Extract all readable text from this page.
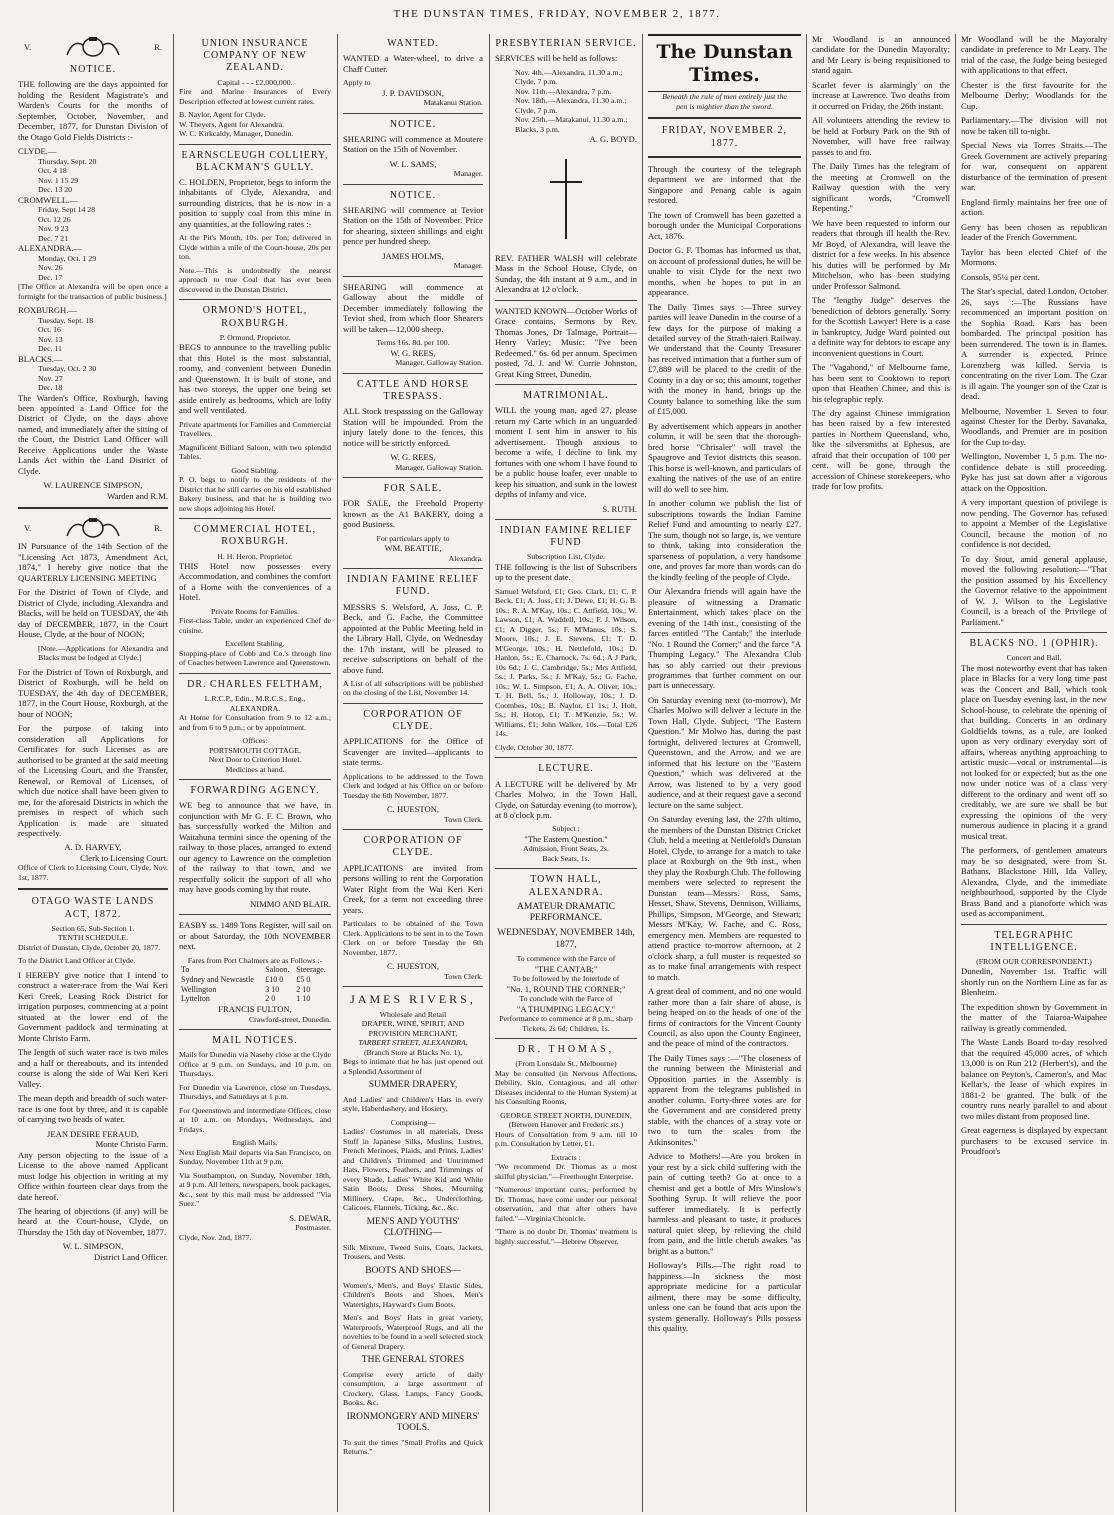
THE DUNSTAN TIMES, FRIDAY, NOVEMBER 2, 1877.
V.	R.
NOTICE.

THE following are the days appointed for holding the Resident Magistrate's and Warden's Courts for the months of September, October, November, and December, 1877, for Dunstan Division of the Otago Gold Fields Districts :-

CLYDE.—
Thursday, Sept. 20
Oct. 4 18
Nov. 1 15 29
Dec. 13 20
CROMWELL.—
Friday, Sept 14 28
Oct. 12 26
Nov. 9 23
Dec. 7 21
ALEXANDRA.—
Monday, Oct. 1 29
Nov. 26
Dec. 17

[The Office at Alexandra will be open once a fortnight for the transaction of public business.]

ROXBURGH.—
Tuesday, Sept. 18
Oct. 16
Nov. 13
Dec. 11
BLACKS.—
Tuesday, Oct. 2 30
Nov. 27
Dec. 18

The Warden's Office, Roxburgh, having been appointed a Land Office for the District of Clyde, on the days above named, and immediately after the sitting of the Court, the District Land Officer will Receive Applications under the Waste Lands Act within the Land District of Clyde.

W. LAURENCE SIMPSON,
Warden and R.M.
V.	R.

IN Pursuance of the 14th Section of the "Licensing Act 1873, Amendment Act, 1874," I hereby give notice that the QUARTERLY LICENSING MEETING

For the District of Town of Clyde, and District of Clyde, including Alexandra and Blacks, will be held on TUESDAY, the 4th day of DECEMBER, 1877, in the Court House, Clyde, at the hour of NOON;

[Note.—Applications for Alexandra and Blacks must be lodged at Clyde.]

For the District of Town of Roxburgh, and District of Roxburgh, will be held on TUESDAY, the 4th day of DECEMBER, 1877, in the Court House, Roxburgh, at the hour of NOON;

For the purpose of taking into consideration all Applications for Certificates for such Licenses as are authorised to be granted at the said meeting of the Licensing Court, and the Transfer, Renewal, or Removal of Licenses, of which due notice shall have been given to me, for the aforesaid Districts in which the premises in respect of which such Application is made are situated respectively.

A. D. HARVEY,
Clerk to Licensing Court.

Office of Clerk to Licensing Court, Clyde, Nov. 1st, 1877.

OTAGO WASTE LANDS ACT, 1872.
Section 65, Sub-Section 1.
TENTH SCHEDULE.

District of Dunstan, Clyde, October 20, 1877.

To the District Land Officer at Clyde.

I HEREBY give notice that I intend to construct a water-race from the Wai Keri Keri Creek, Leasing Rock District for irrigation purposes, commencing at a point situated at the lower end of the Government paddock and terminating at Monte Christo Farm.

The length of such water race is two miles and a half or thereabouts, and its intended course is along the side of Wai Keri Keri Valley.

The mean depth and breadth of such water-race is one foot by three, and it is capable of carrying two heads of water.

JEAN DESIRE FERAUD,
Monte Christo Farm.

Any person objecting to the issue of a License to the above named Applicant must lodge his objection in writing at my Office within fourteen clear days from the date hereof.

The hearing of objections (if any) will be heard at the Court-house, Clyde, on Thursday the 15th day of November, 1877.

W. L. SIMPSON,
District Land Officer.
UNION INSURANCE COMPANY OF NEW ZEALAND.
Capital - - - £2,000,000.

Fire and Marine Insurances of Every Description effected at lowest current rates.

B. Naylor, Agent for Clyde.
W. Theyers, Agent for Alexandra.
W. C. Kirkcaldy, Manager, Dunedin.
EARNSCLEUGH COLLIERY, BLACKMAN'S GULLY.

C. HOLDEN, Proprietor, begs to inform the inhabitants of Clyde, Alexandra, and surrounding districts, that he is now in a position to supply coal from this mine in any quantities, at the following rates :-

At the Pit's Mouth, 10s. per Ton; delivered in Clyde within a mile of the Court-house, 20s per ton.

Note.—This is undoubtedly the nearest approach to true Coal that has ever been discovered in the Dunstan District.

ORMOND'S HOTEL, ROXBURGH.
P. Ormond, Proprietor.

BEGS to announce to the travelling public that this Hotel is the most substantial, roomy, and convenient between Dunedin and Queenstown. It is built of stone, and has two storeys, the upper one being set aside entirely as bedrooms, which are lofty and well ventilated.

Private apartments for Families and Commercial Travellers.

Magnificent Billiard Saloon, with two splendid Tables.

Good Stabling.

P. O. begs to notify to the residents of the District that he still carries on his old established Bakery business, and that he is building two new shops adjoining his Hotel.

COMMERCIAL HOTEL, ROXBURGH.
H. H. Heron, Proprietor.

THIS Hotel now possesses every Accommodation, and combines the comfort of a Home with the conveniences of a Hotel.

Private Rooms for Families.

First-class Table, under an experienced Chef de cuisine.

Excellent Stabling.

Stopping-place of Cobb and Co.'s through line of Coaches between Lawrence and Queenstown.

DR. CHARLES FELTHAM,
L.R.C.P., Edin., M.R.C.S., Eng.,
ALEXANDRA.

At Home for Consultation from 9 to 12 a.m.; and from 6 to 9 p.m.; or by appointment.

Offices:
PORTSMOUTH COTTAGE,
Next Door to Criterion Hotel.
Medicines at hand.
FORWARDING AGENCY.

WE beg to announce that we have, in conjunction with Mr G. F. C. Brown, who has successfully worked the Milton and Waitahuna termini since the opening of the railway to those places, arranged to extend our agency to Lawrence on the completion of the railway to that town, and we respectfully solicit the support of all who may have goods coming by that route.

NIMMO AND BLAIR.

EASBY ss. 1489 Tons Register, will sail on or about Saturday, the 10th NOVEMBER next.

Fares from Port Chalmers are as Follows :-
To	Saloon.	Steerage.
Sydney and Newcastle	£10 0	£5 0
Wellington	3 10	2 10
Lyttelton	2 0	1 10
FRANCIS FULTON,
Crawford-street, Dunedin.
MAIL NOTICES.

Mails for Dunedin via Naseby close at the Clyde Office at 9 p.m. on Sundays, and 10 p.m. on Thursdays.

For Dunedin via Lawrence, close on Tuesdays, Thursdays, and Saturdays at 1 p.m.

For Queenstown and intermediate Offices, close at 10 a.m. on Mondays, Wednesdays, and Fridays.

English Mails.

Next English Mail departs via San Francisco, on Sunday, November 11th at 9 p.m.

Via Southampton, on Sunday, November 18th, at 9 p.m. All letters, newspapers, book packages, &c., sent by this mail must be addressed "Via Suez."

S. DEWAR,
Postmaster.
Clyde, Nov. 2nd, 1877.
WANTED.

WANTED a Water-wheel, to drive a Chaff Cutter.

Apply to
J. P. DAVIDSON,
Matakanui Station.
NOTICE.

SHEARING will commence at Moutere Station on the 15th of November.

W. L. SAMS,
Manager.
NOTICE.

SHEARING will commence at Teviot Station on the 15th of November. Price for shearing, sixteen shillings and eight pence per hundred sheep.

JAMES HOLMS,
Manager.

SHEARING will commence at Galloway about the middle of December immediately following the Teviot shed, from which floor Shearers will be taken—12,000 sheep.

Terms 16s. 8d. per 100.
W. G. REES,
Manager, Galloway Station.
CATTLE AND HORSE TRESPASS.

ALL Stock trespassing on the Galloway Station will be impounded. From the injury lately done to the fences, this notice will be strictly enforced.

W. G. REES,
Manager, Galloway Station.
FOR SALE.

FOR SALE, the Freehold Property known as the A1 BAKERY, doing a good Business.

For particulars apply to
WM. BEATTIE,
Alexandra.
INDIAN FAMINE RELIEF FUND.

MESSRS S. Welsford, A. Joss, C. P. Beck, and G. Fache, the Committee appointed at the Public Meeting held in the Library Hall, Clyde, on Wednesday the 17th instant, will be pleased to receive subscriptions on behalf of the above fund.

A List of all subscriptions will be published on the closing of the List, November 14.

CORPORATION OF CLYDE.

APPLICATIONS for the Office of Scavenger are invited—applicants to state terms.

Applications to be addressed to the Town Clerk and lodged at his Office on or before Tuesday the 6th November, 1877.

C. HUESTON,
Town Clerk.
CORPORATION OF CLYDE.

APPLICATIONS are invited from persons willing to rent the Corporation Water Right from the Wai Keri Keri Creek, for a term not exceeding three years.

Particulars to be obtained of the Town Clerk. Applications to be sent in to the Town Clerk on or before Tuesday the 6th November, 1877.

C. HUESTON,
Town Clerk.
JAMES RIVERS,
Wholesale and Retail
DRAPER, WINE, SPIRIT, AND PROVISION MERCHANT,
TARBERT STREET, ALEXANDRA,
(Branch Store at Blacks No. 1),

Begs to intimate that he has just opened out a Splendid Assortment of

SUMMER DRAPERY,

And Ladies' and Children's Hats in every style, Haberdashery, and Hosiery,

Comprising—

Ladies' Costumes in all materials, Dress Stuff in Japanese Silks, Muslins, Lustres, French Merinoes, Plaids, and Prints, Ladies' and Children's Trimmed and Untrimmed Hats, Flowers, Feathers, and Trimmings of every Shade, Ladies' White Kid and White Satin Boots, Dress Shoes, Mourning Millinery, Crape, &c., Underclothing, Calicoes, Flannels, Ticking, &c., &c.

MEN'S AND YOUTHS' CLOTHING—

Silk Mixture, Tweed Suits, Coats, Jackets, Trousers, and Vests.

BOOTS AND SHOES—

Women's, Men's, and Boys' Elastic Sides, Children's Boots and Shoes, Men's Watertights, Hayward's Gum Boots.

Men's and Boys' Hats in great variety, Waterproofs, Waterproof Rugs, and all the novelties to be found in a well selected stock of General Drapery.

THE GENERAL STORES

Comprise every article of daily consumption, a large assortment of Crockery, Glass, Lamps, Fancy Goods, Books, &c.

IRONMONGERY AND MINERS' TOOLS.

To suit the times "Small Profits and Quick Returns."

PRESBYTERIAN SERVICE.

SERVICES will be held as follows:

Nov. 4th.—Alexandra, 11.30 a.m.; Clyde, 7 p.m.
Nov. 11th.—Alexandra, 7 p.m.
Nov. 18th.—Alexandra, 11.30 a.m.; Clyde, 7 p.m.
Nov. 25th.—Matakanui, 11.30 a.m.; Blacks, 3 p.m.
A. G. BOYD.

REV. FATHER WALSH will celebrate Mass in the School House, Clyde, on Sunday, the 4th instant at 9 a.m., and in Alexandra at 12 o'clock.

WANTED KNOWN—October Works of Grace contains, Sermons by Rev. Thomas Jones, Dr Talmage, Portrait—Henry Varley; Music: "I've been Redeemed." 6s. 6d per annum. Specimen posted, 7d. J. and W. Currie Johnston, Great King Street, Dunedin.

MATRIMONIAL.

WILL the young man, aged 27, please return my Carte which in an unguarded moment I sent him in answer to his advertisement. Though anxious to become a wife, I decline to link my fortunes with one whom I have found to be a public house loafer, ever unable to keep his situation, and sunk in the lowest depths of infamy and vice.

S. RUTH.
INDIAN FAMINE RELIEF FUND
Subscription List, Clyde.

THE following is the list of Subscribers up to the present date.

Samuel Welsford, £1; Geo. Clark, £1; C. P. Beck, £1; A. Joss, £1; J. Dewe, £1; H. G. B. 10s.; R. A. M'Kay, 10s.; C. Attfield, 10s.; W. Lawson, £1; A. Waddell, 10s.; F. J. Wilson, £1; A Digger, 5s.; F. M'Manus, 10s.; S. Moore, 10s.; J. E. Stevens, £1; T. D. M'George, 10s.; H. Nettlefold, 10s.; D. Hanlon, 5s.; E. Charnock, 7s. 6d.; A J Park, 10s 6d.; J. C. Cambridge, 5s.; Mrs Attfield, 5s.; J. Parks, 5s.; J. M'Kay, 5s.; G. Fache, 10s.; W. L. Simpson, £1; A. A. Oliver, 10s.; T. H. Bell, 5s.; J. Holloway, 10s.; J. D. Coombes, 10s.; B. Naylor, £1 1s.; J. Holt, 5s.; H. Hotop, £1; T. M'Kenzie, 5s.; W. Williams, £1; John Walker, 10s.—Total £26 14s.

Clyde, October 30, 1877.
LECTURE.

A LECTURE will be delivered by Mr Charles Molwo, in the Town Hall, Clyde, on Saturday evening (to morrow), at 8 o'clock p.m.

Subject :
"The Eastern Question."
Admission, Front Seats, 2s.
Back Seats, 1s.
TOWN HALL, ALEXANDRA.
AMATEUR DRAMATIC PERFORMANCE.
WEDNESDAY, NOVEMBER 14th, 1877,
To commence with the Farce of
"THE CANTAB;"
To be followed by the Interlude of
"No. 1, ROUND THE CORNER;"
To conclude with the Farce of
"A THUMPING LEGACY."
Performance to commence at 8 p.m., sharp
Tickets, 2s 6d; Children, 1s.
DR. THOMAS,
(From Lonsdale St., Melbourne)

May be consulted (in Nervous Affections, Debility, Skin, Contagious, and all other Diseases incidental to the Human System) at his Consulting Rooms,

GEORGE STREET NORTH, DUNEDIN,
(Between Hanover and Frederic sts.)

Hours of Consultation from 9 a.m. till 10 p.m. Consultation by Letter, £1.

Extracts :

"We recommend Dr. Thomas as a most skilful physician."—Freethought Enterprise.

"Numerous important cures, performed by Dr. Thomas, have come under our personal observation, and that after others have failed."—Virginia Chronicle.

"There is no doubt Dr. Thomas' treatment is highly successful."—Hebrew Observer.

The Dunstan Times.
Beneath the rule of men entirely just the
pen is mightier than the sword.
FRIDAY, NOVEMBER 2, 1877.

Through the courtesy of the telegraph department we are informed that the Singapore and Penang cable is again restored.

The town of Cromwell has been gazetted a borough under the Municipal Corporations Act, 1876.

Doctor G. F. Thomas has informed us that, on account of professional duties, he will be unable to visit Clyde for the next two months, when he hopes to put in an appearance.

The Daily Times says :—Three survey parties will leave Dunedin in the course of a few days for the purpose of making a detailed survey of the Strath-taieri Railway. We understand that the County Treasurer has received intimation that a further sum of £7,889 will be placed to the credit of the County in a day or so; this amount, together with the money in hand, brings up the County balance to something like the sum of £15,000.

By advertisement which appears in another column, it will be seen that the thorough-bred horse "Chrisaler" will travel the Spaugrove and Teviot districts this season. This horse is well-known, and particulars of exalting the natives of the use of an entire will do well to see him.

In another column we publish the list of subscriptions towards the Indian Famine Relief Fund and amounting to nearly £27. The sum, though not so large, is, we venture to think, taking into consideration the sparseness of population, a very handsome one, and proves far more than words can do the kindly feeling of the people of Clyde.

Our Alexandra friends will again have the pleasure of witnessing a Dramatic Entertainment, which takes place on the evening of the 14th inst., consisting of the farces entitled "The Cantab;" the interlude "No. 1 Round the Corner;" and the farce "A Thumping Legacy." The Alexandra Club has so ably carried out their previous programmes that further comment on our part is unnecessary.

On Saturday evening next (to-morrow), Mr Charles Molwo will deliver a lecture in the Town Hall, Clyde. Subject, "The Eastern Question." Mr Molwo has, during the past fortnight, delivered lectures at Cromwell, Queenstown, and the Arrow, and we are informed that his lecture on the "Eastern Question," which was delivered at the Arrow, was listened to by a very good audience, and at their request gave a second lecture on the same subject.

On Saturday evening last, the 27th ultimo, the members of the Dunstan District Cricket Club, held a meeting at Nettlefold's Dunstan Hotel, Clyde, to arrange for a match to take place at Roxburgh on the 9th inst., when they play the Roxburgh Club. The following members were selected to represent the Dunstan team—Messrs. Ross, Sams, Hesset, Shaw, Stevens, Dennison, Williams, Phillips, Simpson, M'George, and Stewart; Messrs M'Kay, W. Fache, and C. Ross, emergency men. Members are requested to attend practice to-morrow afternoon, at 2 o'clock sharp, a full muster is requested so as to make final arrangements with respect to match.

A great deal of comment, and no one would rather more than a fair share of abuse, is being heaped on to the heads of one of the firms of contractors for the Vincent County Council, as also upon the County Engineer, and the peace of mind of the contractors.

The Daily Times says :—"The closeness of the running between the Ministerial and Opposition parties in the Assembly is apparent from the telegrams published in another column. Forty-three votes are for the Government and are considered pretty stable, with the chances of a stray vote or two to turn the scales from the Atkinsonites."

Advice to Mothers!—Are you broken in your rest by a sick child suffering with the pain of cutting teeth? Go at once to a chemist and get a bottle of Mrs Winslow's Soothing Syrup. It will relieve the poor sufferer immediately. It is perfectly harmless and pleasant to taste, it produces natural quiet sleep, by relieving the child from pain, and the little cherub awakes "as bright as a button."

Holloway's Pills.—The right road to happiness.—In sickness the most appropriate medicine for a particular ailment, there may be some difficulty, unless one can be found that acts upon the system generally. Holloway's Pills possess this quality.

Mr Woodland is an announced candidate for the Dunedin Mayoralty; and Mr Leary is being requisitioned to stand again.

Scarlet fever is alarmingly on the increase at Lawrence. Two deaths from it occurred on Friday, the 26th instant.

All volunteers attending the review to be held at Forbury Park on the 9th of November, will have free railway passes to and fro.

The Daily Times has the telegram of the meeting at Cromwell on the Railway question with the very significant words, "Cromwell Repenting."

We have been requested to inform our readers that through ill health the Rev. Mr Boyd, of Alexandra, will leave the district for a few weeks. In his absence his duties will be performed by Mr Mitchelson, who has been studying under Professor Salmond.

The "lengthy Judge" deserves the benediction of debtors generally. Sorry for the Scottish Lawyer! Here is a case in bankruptcy, Judge Ward pointed out a definite way for debtors to escape any inconvenient questions in Court.

The "Vagabond," of Melbourne fame, has been sent to Cooktown to report upon that Heathen Chinee, and this is his telegraphic reply.

The dry against Chinese immigration has been raised by a few interested parties in Northern Queensland, who, like the silversmiths at Ephesus, are afraid that their occupation of 100 per cent. will be gone, through the accession of Chinese storekeepers, who trade for low profits.

Mr Woodland will be the Mayoralty candidate in preference to Mr Leary. The trial of the case, the Judge being besieged with applications to that effect.

Chester is the first favourite for the Melbourne Derby; Woodlands for the Cup.

Parliamentary.—The division will not now be taken till to-night.

Special News via Torres Straits.—The Greek Government are actively preparing for war, consequent on apparent disturbance of the termination of present war.

England firmly maintains her free one of action.

Gerry has been chosen as republican leader of the French Government.

Taylor has been elected Chief of the Mormons.

Consols, 95¼ per cent.

The Star's special, dated London, October 26, says :—The Russians have recommenced an important position on the Sophia Road. Kars has been bombarded. The principal position has been surrendered. The town is in flames. A surrender is expected. Prince Lorenzberg was killed. Servia is concentrating on the river Lom. The Czar is ill again. The younger son of the Czar is dead.

Melbourne, November 1. Seven to four against Chester for the Derby. Savanaka, Woodlands, and Premier are in position for the Cup to-day.

Wellington, November 1, 5 p.m. The no-confidence debate is still proceeding. Pyke has just sat down after a vigorous attack on the Opposition.

A very important question of privilege is now pending. The Governor has refused to appoint a Member of the Legislative Council, because the motion of no confidence is not decided.

To day Stout, amid general applause, moved the following resolution:—"That the position assumed by his Excellency the Governor relative to the appointment of W. J. Wilson to the Legislative Council, is a breach of the Privilege of Parliament."

BLACKS NO. 1 (OPHIR).
Concert and Ball.

The most noteworthy event that has taken place in Blacks for a very long time past was the Concert and Ball, which took place on Tuesday evening last, in the new School-house, to celebrate the opening of that building. Concerts in an ordinary Goldfields towns, as a rule, are looked upon as very ordinary everyday sort of affairs, whereas anything approaching to artistic music—vocal or instrumental—is not looked for or expected; but as the one now under notice was of a class very different to the ordinary and went off so creditably, we are sure we shall be but expressing the opinions of the very numerous audience in placing it a grand musical treat.

The performers, of gentlemen amateurs may be so designated, were from St. Bathans, Blackstone Hill, Ida Valley, Alexandra, Clyde, and the immediate neighbourhood, supported by the Clyde Brass Band and a pianoforte which was used as accompaniment.

TELEGRAPHIC INTELLIGENCE.
(FROM OUR CORRESPONDENT.)

Dunedin, November 1st. Traffic will shortly run on the Northern Line as far as Blenheim.

The expedition shown by Government in the matter of the Taiaroa-Waipahee railway is greatly commended.

The Waste Lands Board to-day resolved that the required 45,000 acres, of which 13,000 is on Run 212 (Herbert's), and the balance on Peyton's, Cameron's, and Mac Kellar's, the lease of which expires in 1881-2 be granted. The bulk of the country runs nearly parallel to and about two miles distant from proposed line.

Great eagerness is displayed by expectant purchasers to be excused service in Proudfoot's
